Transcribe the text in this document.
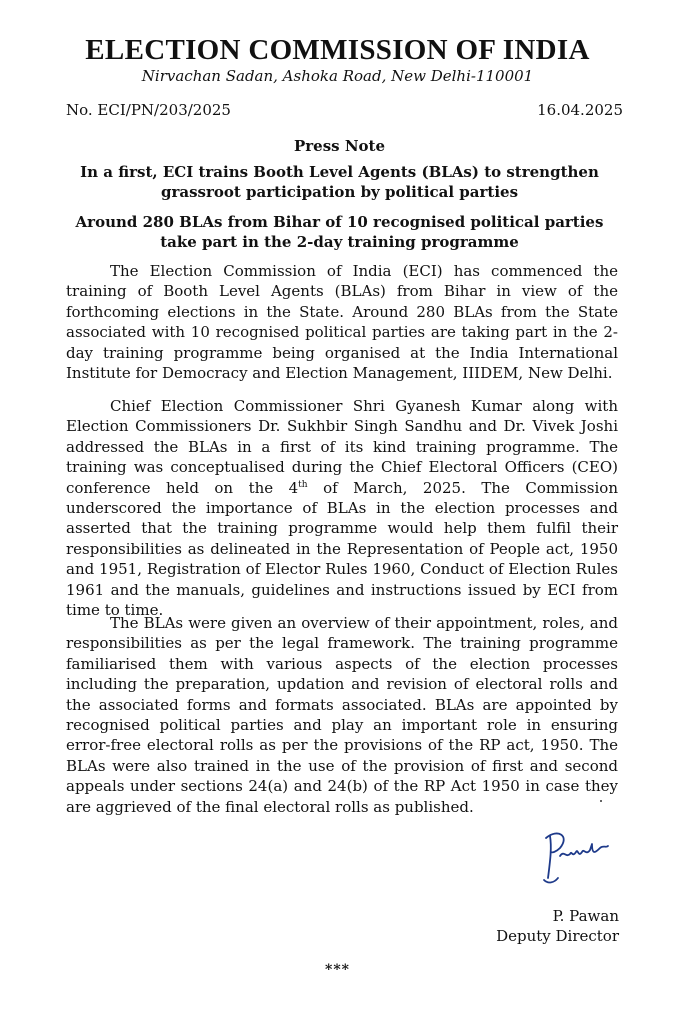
ELECTION COMMISSION OF INDIA
Nirvachan Sadan, Ashoka Road, New Delhi-110001
No. ECI/PN/203/2025	16.04.2025
Press Note
In a first, ECI trains Booth Level Agents (BLAs) to strengthen grassroot participation by political parties
Around 280 BLAs from Bihar of 10 recognised political parties take part in the 2-day training programme

The Election Commission of India (ECI) has commenced the training of Booth Level Agents (BLAs) from Bihar in view of the forthcoming elections in the State. Around 280 BLAs from the State associated with 10 recognised political parties are taking part in the 2-day training programme being organised at the India International Institute for Democracy and Election Management, IIIDEM, New Delhi.

Chief Election Commissioner Shri Gyanesh Kumar along with Election Commissioners Dr. Sukhbir Singh Sandhu and Dr. Vivek Joshi addressed the BLAs in a first of its kind training programme. The training was conceptualised during the Chief Electoral Officers (CEO) conference held on the 4th of March, 2025. The Commission underscored the importance of BLAs in the election processes and asserted that the training programme would help them fulfil their responsibilities as delineated in the Representation of People act, 1950 and 1951, Registration of Elector Rules 1960, Conduct of Election Rules 1961 and the manuals, guidelines and instructions issued by ECI from time to time.

The BLAs were given an overview of their appointment, roles, and responsibilities as per the legal framework. The training programme familiarised them with various aspects of the election processes including the preparation, updation and revision of electoral rolls and the associated forms and formats associated. BLAs are appointed by recognised political parties and play an important role in ensuring error-free electoral rolls as per the provisions of the RP act, 1950. The BLAs were also trained in the use of the provision of first and second appeals under sections 24(a) and 24(b) of the RP Act 1950 in case they are aggrieved of the final electoral rolls as published.

P. Pawan
Deputy Director
***
